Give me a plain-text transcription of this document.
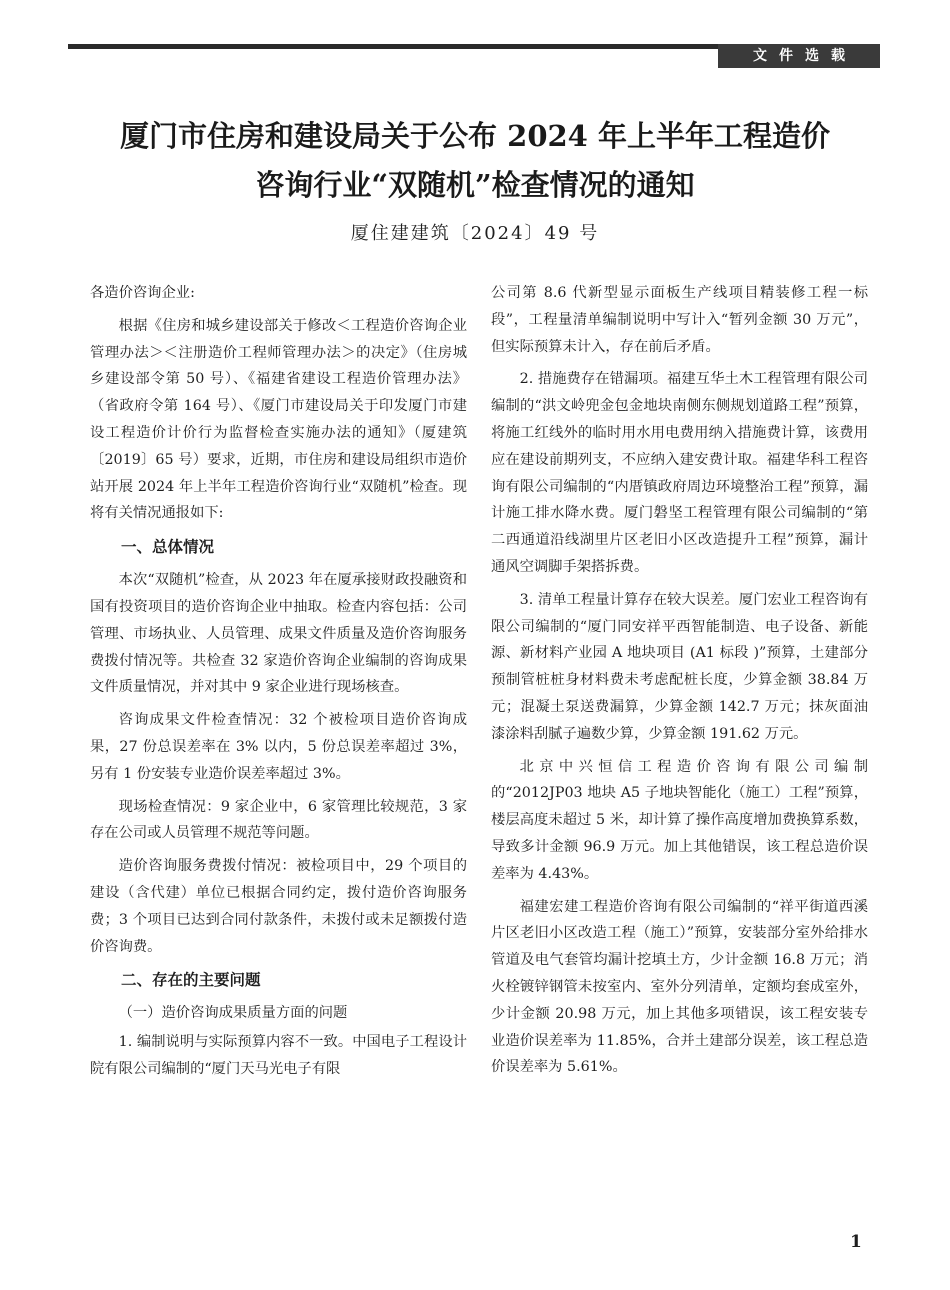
文件选载
厦门市住房和建设局关于公布 2024 年上半年工程造价
咨询行业“双随机”检查情况的通知
厦住建建筑〔2024〕49 号

各造价咨询企业:

根据《住房和城乡建设部关于修改＜工程造价咨询企业管理办法＞＜注册造价工程师管理办法＞的决定》（住房城乡建设部令第 50 号）、《福建省建设工程造价管理办法》（省政府令第 164 号）、《厦门市建设局关于印发厦门市建设工程造价计价行为监督检查实施办法的通知》（厦建筑〔2019〕65 号）要求，近期，市住房和建设局组织市造价站开展 2024 年上半年工程造价咨询行业“双随机”检查。现将有关情况通报如下:

一、总体情况

本次“双随机”检查，从 2023 年在厦承接财政投融资和国有投资项目的造价咨询企业中抽取。检查内容包括：公司管理、市场执业、人员管理、成果文件质量及造价咨询服务费拨付情况等。共检查 32 家造价咨询企业编制的咨询成果文件质量情况，并对其中 9 家企业进行现场核查。

咨询成果文件检查情况：32 个被检项目造价咨询成果，27 份总误差率在 3% 以内，5 份总误差率超过 3%，另有 1 份安装专业造价误差率超过 3%。

现场检查情况：9 家企业中，6 家管理比较规范，3 家存在公司或人员管理不规范等问题。

造价咨询服务费拨付情况：被检项目中，29 个项目的建设（含代建）单位已根据合同约定，拨付造价咨询服务费；3 个项目已达到合同付款条件，未拨付或未足额拨付造价咨询费。

二、存在的主要问题
（一）造价咨询成果质量方面的问题

1. 编制说明与实际预算内容不一致。中国电子工程设计院有限公司编制的“厦门天马光电子有限

公司第 8.6 代新型显示面板生产线项目精装修工程一标段”，工程量清单编制说明中写计入“暂列金额 30 万元”，但实际预算未计入，存在前后矛盾。

2. 措施费存在错漏项。福建互华土木工程管理有限公司编制的“洪文岭兜金包金地块南侧东侧规划道路工程”预算，将施工红线外的临时用水用电费用纳入措施费计算，该费用应在建设前期列支，不应纳入建安费计取。福建华科工程咨询有限公司编制的“内厝镇政府周边环境整治工程”预算，漏计施工排水降水费。厦门磐坚工程管理有限公司编制的“第二西通道沿线湖里片区老旧小区改造提升工程”预算，漏计通风空调脚手架搭拆费。

3. 清单工程量计算存在较大误差。厦门宏业工程咨询有限公司编制的“厦门同安祥平西智能制造、电子设备、新能源、新材料产业园 A 地块项目 (A1 标段 )”预算，土建部分预制管桩桩身材料费未考虑配桩长度，少算金额 38.84 万元；混凝土泵送费漏算，少算金额 142.7 万元；抹灰面油漆涂料刮腻子遍数少算，少算金额 191.62 万元。

北京中兴恒信工程造价咨询有限公司编制的“2012JP03 地块 A5 子地块智能化（施工）工程”预算，楼层高度未超过 5 米，却计算了操作高度增加费换算系数，导致多计金额 96.9 万元。加上其他错误，该工程总造价误差率为 4.43%。

福建宏建工程造价咨询有限公司编制的“祥平街道西溪片区老旧小区改造工程（施工）”预算，安装部分室外给排水管道及电气套管均漏计挖填土方，少计金额 16.8 万元；消火栓镀锌钢管未按室内、室外分列清单，定额均套成室外，少计金额 20.98 万元，加上其他多项错误，该工程安装专业造价误差率为 11.85%，合并土建部分误差，该工程总造价误差率为 5.61%。

1
